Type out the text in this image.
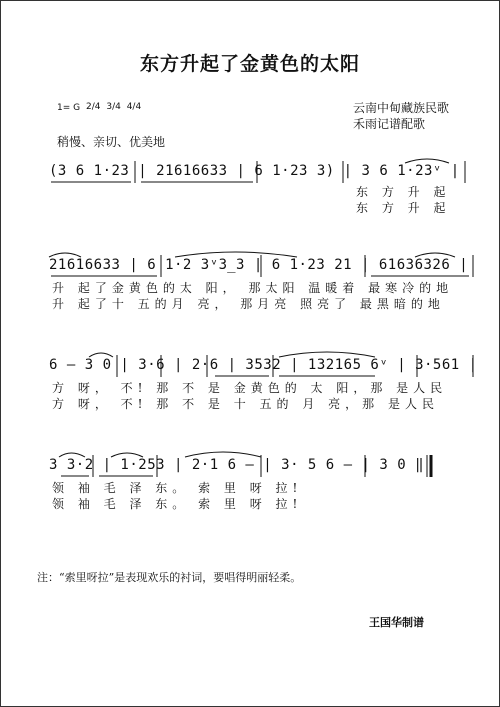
东方升起了金黄色的太阳
云南中甸藏族民歌
禾雨记谱配歌
1= G 2/4 3/4 4/4
稍慢、亲切、优美地
(3 6 1·23 | 21616633 | 6 1·23 3) | 3 6 1·23ᵛ |
东 方 升 起
东 方 升 起
21616633 | 6 1·2 3ᵛ3̲3 | 6 1·23 21 | 61636326 |
升 起了金黄色的太 阳， 那太阳 温暖着 最寒冷的地
升 起了十 五的月 亮， 那月亮 照亮了 最黑暗的地
6 – 3 0 | 3·6 | 2·6 | 3532 | 132165 6ᵛ | 3·561 |
方 呀， 不! 那 不 是 金黄色的 太 阳，那 是人民
方 呀， 不! 那 不 是 十 五的 月 亮，那 是人民
3 3·2 | 1·253 | 2·1 6 – | 3· 5 6 – | 3 0 ‖
领 袖 毛 泽 东。 索 里 呀 拉!
领 袖 毛 泽 东。 索 里 呀 拉!
注：“索里呀拉”是表现欢乐的衬词，要唱得明丽轻柔。
王国华制谱
